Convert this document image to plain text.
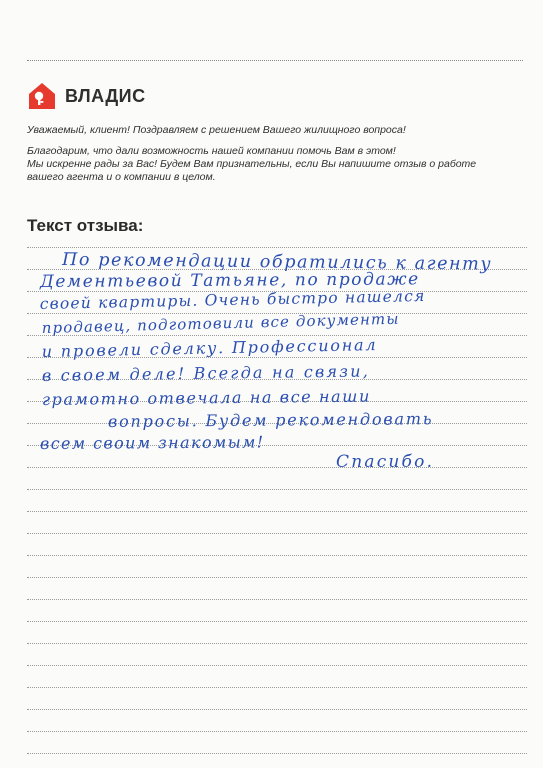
ВЛАДИС

Уважаемый, клиент! Поздравляем с решением Вашего жилищного вопроса!

Благодарим, что дали возможность нашей компании помочь Вам в этом!

Мы искренне рады за Вас! Будем Вам признательны, если Вы напишите отзыв о работе

вашего агента и о компании в целом.

Текст отзыва:
По рекомендации обратились к агенту
Дементьевой Татьяне, по продаже
своей квартиры. Очень быстро нашелся
продавец, подготовили все документы
и провели сделку. Профессионал
в своем деле! Всегда на связи,
грамотно отвечала на все наши
вопросы. Будем рекомендовать
всем своим знакомым!
Спасибо.
